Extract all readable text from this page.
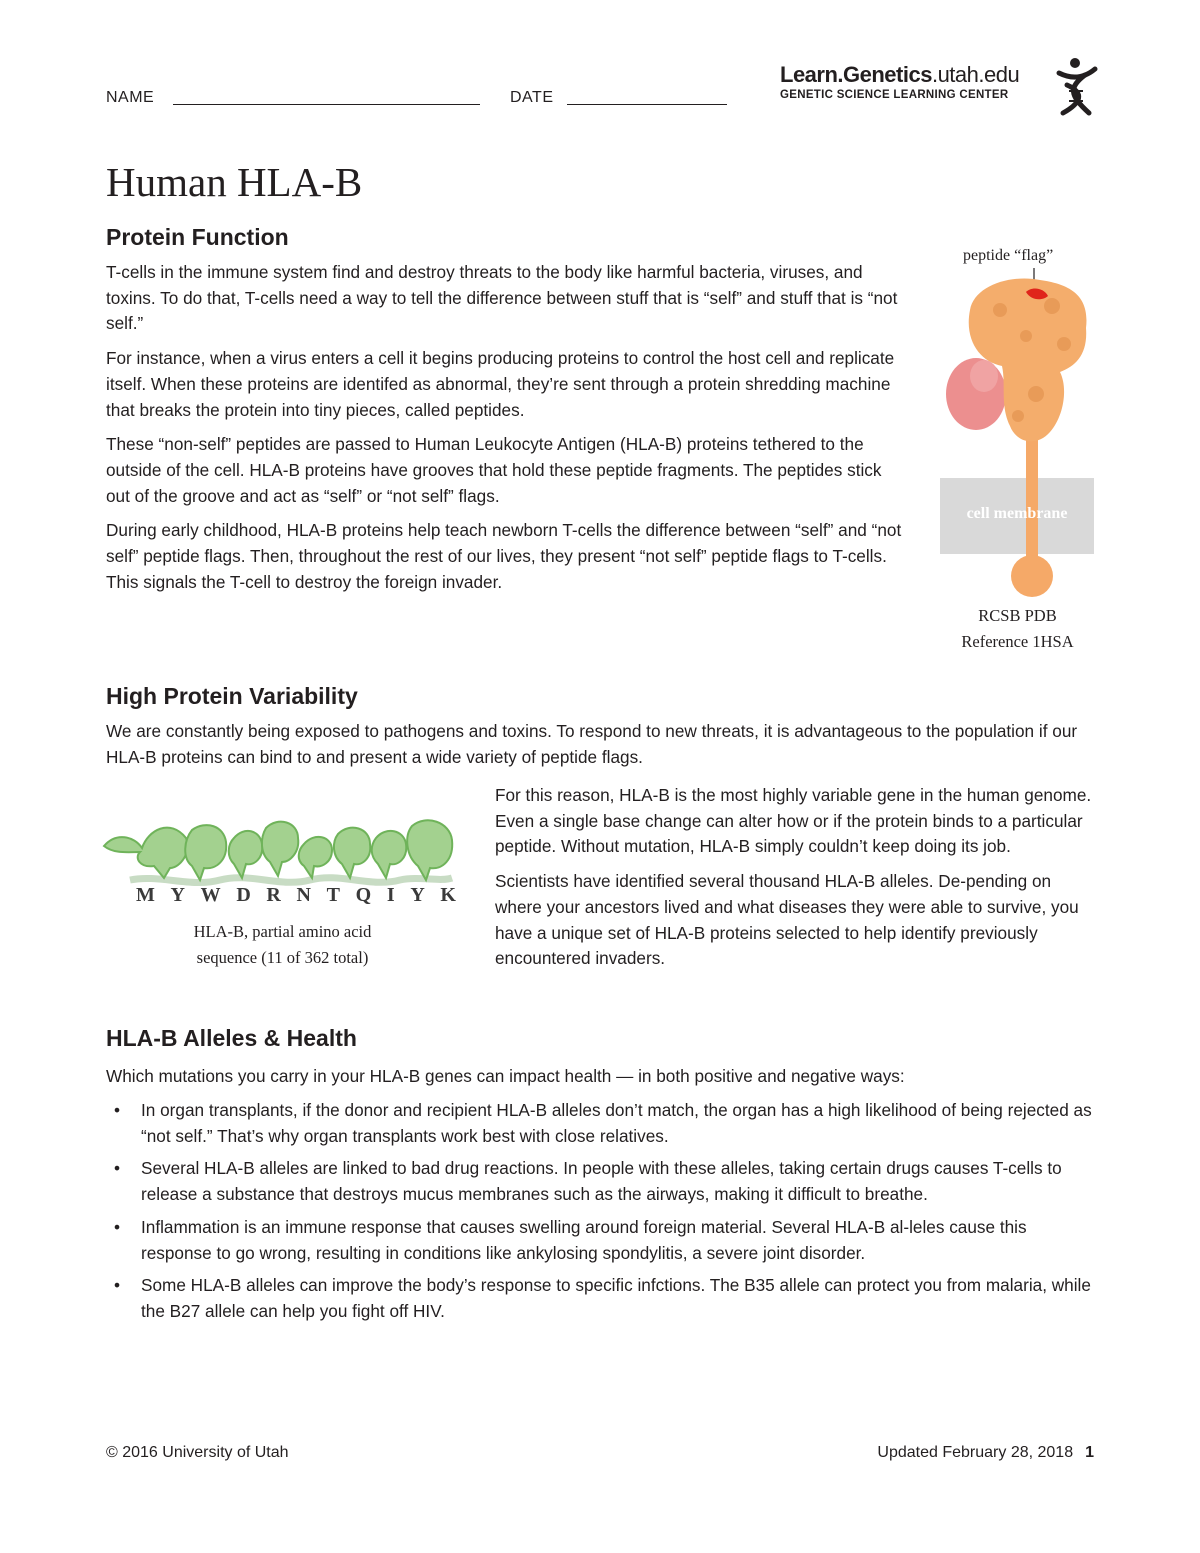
NAME	DATE
Learn.Genetics.utah.edu
GENETIC SCIENCE LEARNING CENTER
Human HLA-B
Protein Function

T-cells in the immune system find and destroy threats to the body like harmful bacteria, viruses, and toxins. To do that, T-cells need a way to tell the difference between stuff that is “self” and stuff that is “not self.”

For instance, when a virus enters a cell it begins producing proteins to control the host cell and replicate itself. When these proteins are identifed as abnormal, they’re sent through a protein shredding machine that breaks the protein into tiny pieces, called peptides.

These “non-self” peptides are passed to Human Leukocyte Antigen (HLA-B) proteins tethered to the outside of the cell. HLA-B proteins have grooves that hold these peptide fragments. The peptides stick out of the groove and act as “self” or “not self” flags.

During early childhood, HLA-B proteins help teach newborn T-cells the difference between “self” and “not self” peptide flags. Then, throughout the rest of our lives, they present “not self” peptide flags to T-cells. This signals the T-cell to destroy the foreign invader.

peptide “flag”
cell membrane
RCSB PDB
Reference 1HSA
High Protein Variability

We are constantly being exposed to pathogens and toxins. To respond to new threats, it is advantageous to the population if our HLA-B proteins can bind to and present a wide variety of peptide flags.

M Y W D R N T Q I Y K
HLA-B, partial amino acid
sequence (11 of 362 total)

For this reason, HLA-B is the most highly variable gene in the human genome. Even a single base change can alter how or if the protein binds to a particular peptide. Without mutation, HLA-B simply couldn’t keep doing its job.

Scientists have identified several thousand HLA-B alleles. De-pending on where your ancestors lived and what diseases they were able to survive, you have a unique set of HLA-B proteins selected to help identify previously encountered invaders.

HLA-B Alleles & Health

Which mutations you carry in your HLA-B genes can impact health — in both positive and negative ways:

• In organ transplants, if the donor and recipient HLA-B alleles don’t match, the organ has a high likelihood of being rejected as “not self.” That’s why organ transplants work best with close relatives.
• Several HLA-B alleles are linked to bad drug reactions. In people with these alleles, taking certain drugs causes T-cells to release a substance that destroys mucus membranes such as the airways, making it difficult to breathe.
• Inflammation is an immune response that causes swelling around foreign material. Several HLA-B al-leles cause this response to go wrong, resulting in conditions like ankylosing spondylitis, a severe joint disorder.
• Some HLA-B alleles can improve the body’s response to specific infctions. The B35 allele can protect you from malaria, while the B27 allele can help you fight off HIV.
© 2016 University of Utah	Updated February 28, 2018 1
